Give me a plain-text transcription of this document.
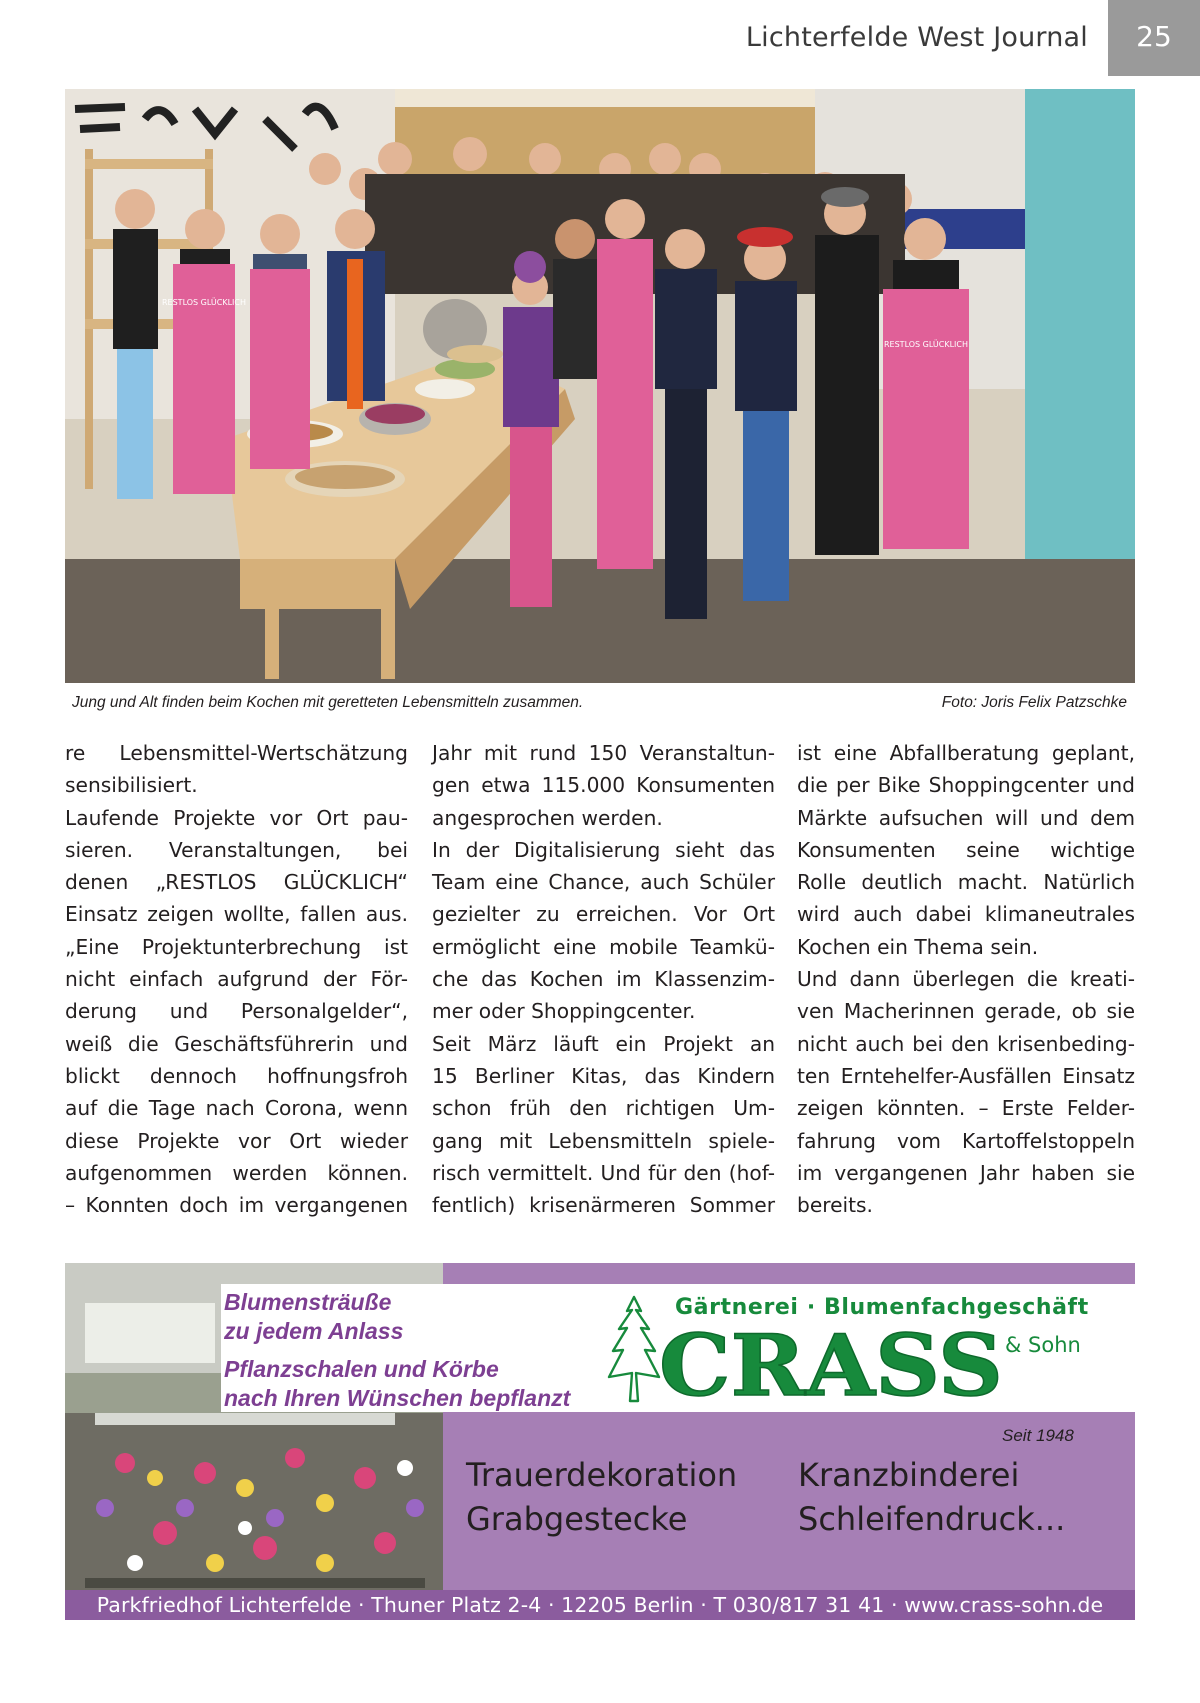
Lichterfelde West Journal	25
RESTLOS GLÜCKLICH
RESTLOS GLÜCKLICH
Jung und Alt finden beim Kochen mit geretteten Lebensmitteln zusammen.	Foto: Joris Felix Patzschke
re Lebensmittel-Wertschätzung
sensibilisiert.
Laufende Projekte vor Ort pau-
sieren. Veranstaltungen, bei
denen „RESTLOS GLÜCKLICH“
Einsatz zeigen wollte, fallen aus.
„Eine Projektunterbrechung ist
nicht einfach aufgrund der För-
derung und Personalgelder“,
weiß die Geschäftsführerin und
blickt dennoch hoffnungsfroh
auf die Tage nach Corona, wenn
diese Projekte vor Ort wieder
aufgenommen werden können.
– Konnten doch im vergangenen
Jahr mit rund 150 Veranstaltun-
gen etwa 115.000 Konsumenten
angesprochen werden.
In der Digitalisierung sieht das
Team eine Chance, auch Schüler
gezielter zu erreichen. Vor Ort
ermöglicht eine mobile Teamkü-
che das Kochen im Klassenzim-
mer oder Shoppingcenter.
Seit März läuft ein Projekt an
15 Berliner Kitas, das Kindern
schon früh den richtigen Um-
gang mit Lebensmitteln spiele-
risch vermittelt. Und für den (hof-
fentlich) krisenärmeren Sommer
ist eine Abfallberatung geplant,
die per Bike Shoppingcenter und
Märkte aufsuchen will und dem
Konsumenten seine wichtige
Rolle deutlich macht. Natürlich
wird auch dabei klimaneutrales
Kochen ein Thema sein.
Und dann überlegen die kreati-
ven Macherinnen gerade, ob sie
nicht auch bei den krisenbeding-
ten Erntehelfer-Ausfällen Einsatz
zeigen könnten. – Erste Felder-
fahrung vom Kartoffelstoppeln
im vergangenen Jahr haben sie
bereits.
Blumensträuße
zu jedem Anlass
Pflanzschalen und Körbe
nach Ihren Wünschen bepflanzt
Gärtnerei · Blumenfachgeschäft
CRASS & Sohn
Seit 1948
Trauerdekoration
Grabgestecke
Kranzbinderei
Schleifendruck...
Parkfriedhof Lichterfelde · Thuner Platz 2-4 · 12205 Berlin · T 030/817 31 41 · www.crass-sohn.de
